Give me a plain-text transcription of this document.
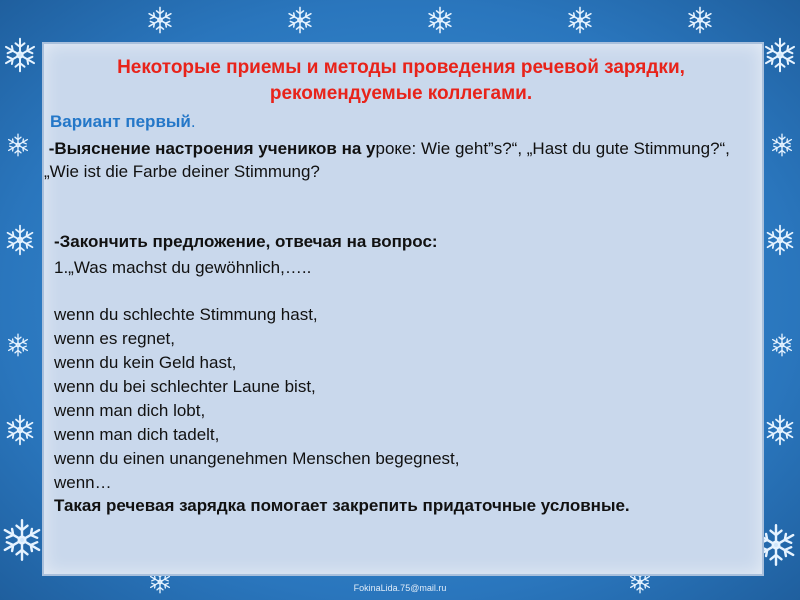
Некоторые приемы и методы проведения речевой зарядки,
рекомендуемые коллегами.
Вариант первый.
-Выяснение настроения учеников на уроке: Wie geht”s?“, „Hast du gute Stimmung?“, „Wie ist die Farbe deiner Stimmung?
-Закончить предложение, отвечая на вопрос:
1.„Was machst du gewöhnlich,…..
wenn du schlechte Stimmung hast,
wenn es regnet,
wenn du kein Geld hast,
wenn du bei schlechter Laune bist,
wenn man dich lobt,
wenn man dich tadelt,
wenn du einen unangenehmen Menschen begegnest,
wenn…
Такая речевая зарядка помогает закрепить придаточные условные.
FokinaLida.75@mail.ru
